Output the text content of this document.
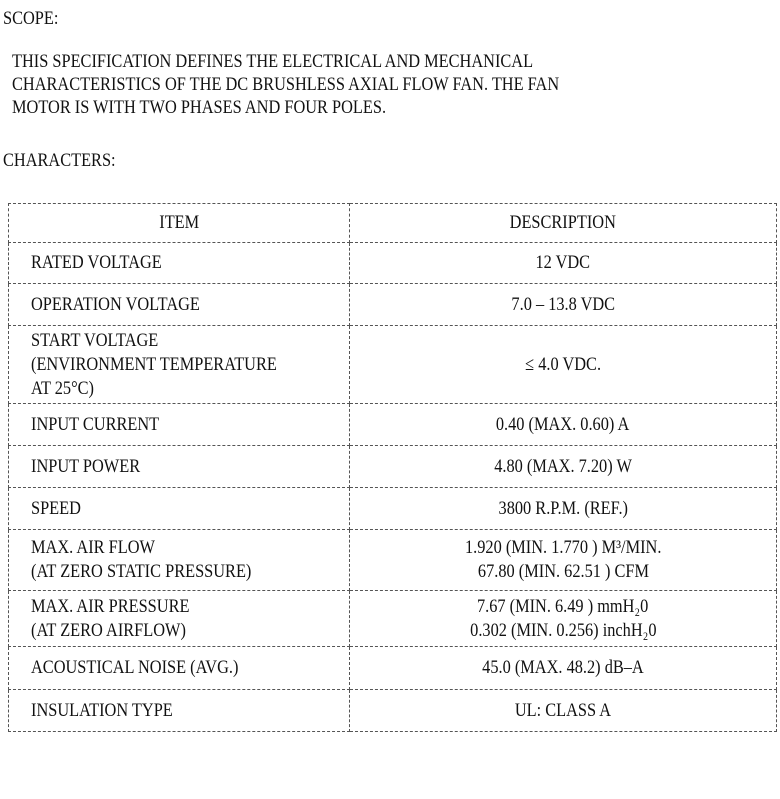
SCOPE:
THIS SPECIFICATION DEFINES THE ELECTRICAL AND MECHANICAL
CHARACTERISTICS OF THE DC BRUSHLESS AXIAL FLOW FAN. THE FAN
MOTOR IS WITH TWO PHASES AND FOUR POLES.
CHARACTERS:
ITEM	DESCRIPTION

RATED VOLTAGE	12 VDC

OPERATION VOLTAGE	7.0 – 13.8 VDC

START VOLTAGE
(ENVIRONMENT TEMPERATURE
AT 25°C)	≤ 4.0 VDC.

INPUT CURRENT	0.40 (MAX. 0.60) A

INPUT POWER	4.80 (MAX. 7.20) W

SPEED	3800 R.P.M. (REF.)

MAX. AIR FLOW
(AT ZERO STATIC PRESSURE)	1.920 (MIN. 1.770 ) M³/MIN.
67.80 (MIN. 62.51 ) CFM

MAX. AIR PRESSURE
(AT ZERO AIRFLOW)	7.67 (MIN. 6.49 ) mmH₂0
0.302 (MIN. 0.256) inchH₂0

ACOUSTICAL NOISE (AVG.)	45.0 (MAX. 48.2) dB–A

INSULATION TYPE	UL: CLASS A
